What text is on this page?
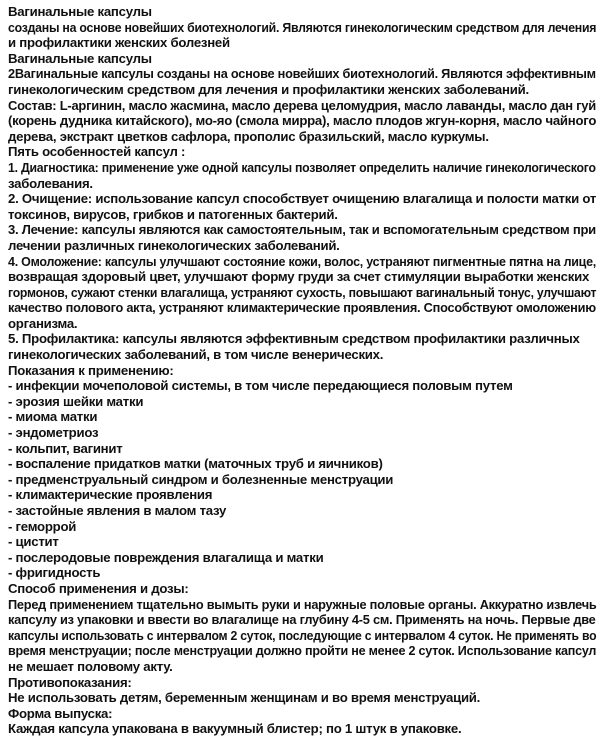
Вагинальные капсулы
созданы на основе новейших биотехнологий. Являются гинекологическим средством для лечения
и профилактики женских болезней
Вагинальные капсулы
2Вагинальные капсулы созданы на основе новейших биотехнологий. Являются эффективным
гинекологическим средством для лечения и профилактики женских заболеваний.
Состав: L-аргинин, масло жасмина, масло дерева целомудрия, масло лаванды, масло дан гуй
(корень дудника китайского), мо-яо (смола мирра), масло плодов жгун-корня, масло чайного
дерева, экстракт цветков сафлора, прополис бразильский, масло куркумы.
Пять особенностей капсул :
1. Диагностика: применение уже одной капсулы позволяет определить наличие гинекологического
заболевания.
2. Очищение: использование капсул способствует очищению влагалища и полости матки от
токсинов, вирусов, грибков и патогенных бактерий.
3. Лечение: капсулы являются как самостоятельным, так и вспомогательным средством при
лечении различных гинекологических заболеваний.
4. Омоложение: капсулы улучшают состояние кожи, волос, устраняют пигментные пятна на лице,
возвращая здоровый цвет, улучшают форму груди за счет стимуляции выработки женских
гормонов, сужают стенки влагалища, устраняют сухость, повышают вагинальный тонус, улучшают
качество полового акта, устраняют климактерические проявления. Способствуют омоложению
организма.
5. Профилактика: капсулы являются эффективным средством профилактики различных
гинекологических заболеваний, в том числе венерических.
Показания к применению:
- инфекции мочеполовой системы, в том числе передающиеся половым путем
- эрозия шейки матки
- миома матки
- эндометриоз
- кольпит, вагинит
- воспаление придатков матки (маточных труб и яичников)
- предменструальный синдром и болезненные менструации
- климактерические проявления
- застойные явления в малом тазу
- геморрой
- цистит
- послеродовые повреждения влагалища и матки
- фригидность
Способ применения и дозы:
Перед применением тщательно вымыть руки и наружные половые органы. Аккуратно извлечь
капсулу из упаковки и ввести во влагалище на глубину 4-5 см. Применять на ночь. Первые две
капсулы использовать с интервалом 2 суток, последующие с интервалом 4 суток. Не применять во
время менструации; после менструации должно пройти не менее 2 суток. Использование капсул
не мешает половому акту.
Противопоказания:
Не использовать детям, беременным женщинам и во время менструаций.
Форма выпуска:
Каждая капсула упакована в вакуумный блистер; по 1 штук в упаковке.
